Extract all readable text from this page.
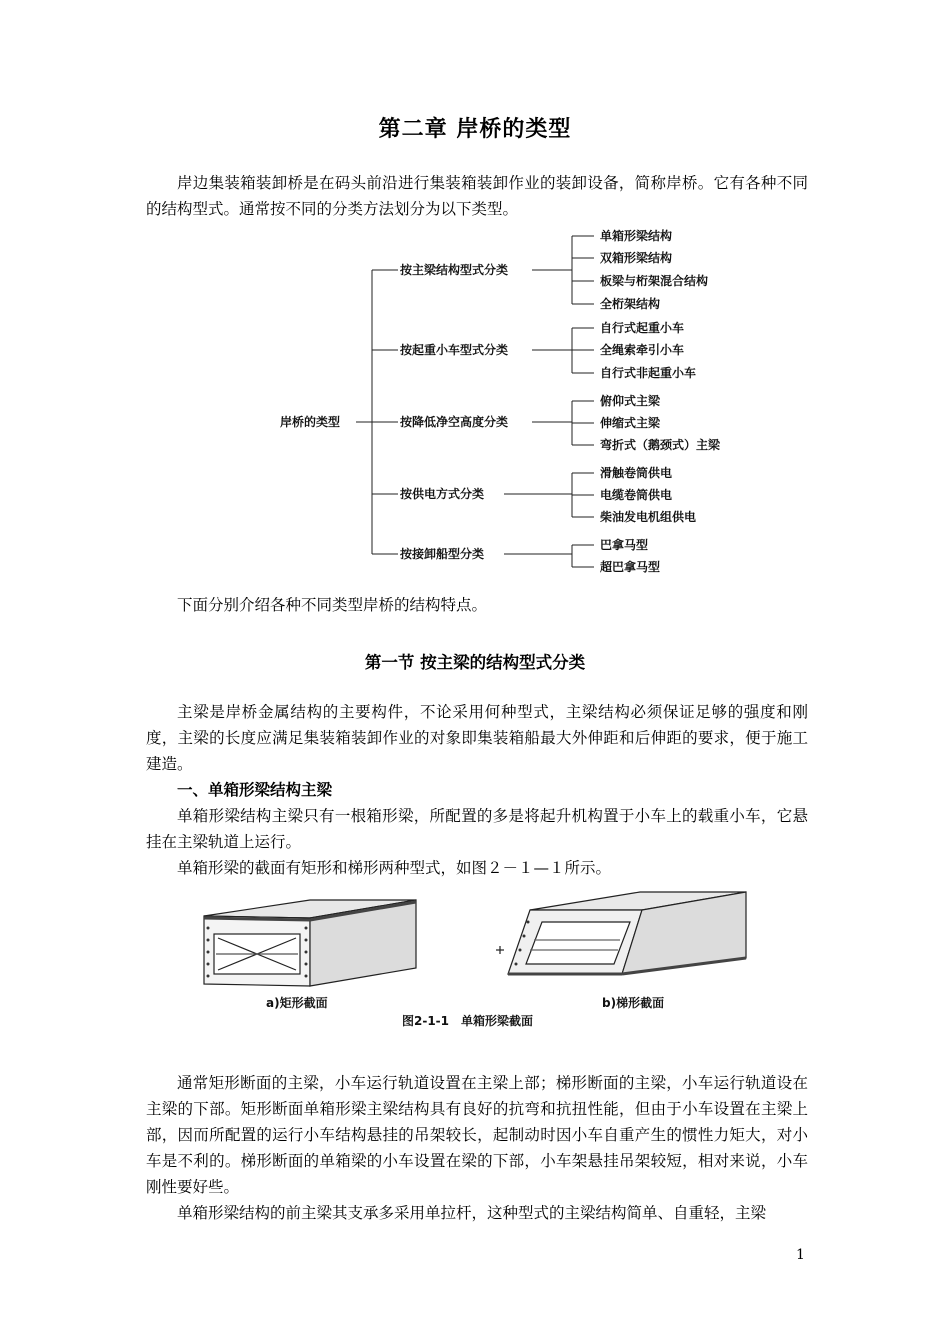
第二章 岸桥的类型

岸边集装箱装卸桥是在码头前沿进行集装箱装卸作业的装卸设备，简称岸桥。它有各种不同的结构型式。通常按不同的分类方法划分为以下类型。

岸桥的类型
按主梁结构型式分类
按起重小车型式分类
按降低净空高度分类
按供电方式分类
按接卸船型分类
单箱形梁结构
双箱形梁结构
板梁与桁架混合结构
全桁架结构
自行式起重小车
全绳索牵引小车
自行式非起重小车
俯仰式主梁
伸缩式主梁
弯折式（鹅颈式）主梁
滑触卷筒供电
电缆卷筒供电
柴油发电机组供电
巴拿马型
超巴拿马型

下面分别介绍各种不同类型岸桥的结构特点。

第一节 按主梁的结构型式分类

主梁是岸桥金属结构的主要构件，不论采用何种型式，主梁结构必须保证足够的强度和刚度，主梁的长度应满足集装箱装卸作业的对象即集装箱船最大外伸距和后伸距的要求，便于施工建造。

一、单箱形梁结构主梁

单箱形梁结构主梁只有一根箱形梁，所配置的多是将起升机构置于小车上的载重小车，它悬挂在主梁轨道上运行。

单箱形梁的截面有矩形和梯形两种型式，如图２－１—１所示。

a)矩形截面	b)梯形截面
图2-1-1　单箱形梁截面

通常矩形断面的主梁，小车运行轨道设置在主梁上部；梯形断面的主梁，小车运行轨道设在主梁的下部。矩形断面单箱形梁主梁结构具有良好的抗弯和抗扭性能，但由于小车设置在主梁上部，因而所配置的运行小车结构悬挂的吊架较长，起制动时因小车自重产生的惯性力矩大，对小车是不利的。梯形断面的单箱梁的小车设置在梁的下部，小车架悬挂吊架较短，相对来说，小车刚性要好些。

单箱形梁结构的前主梁其支承多采用单拉杆，这种型式的主梁结构简单、自重轻，主梁

1
